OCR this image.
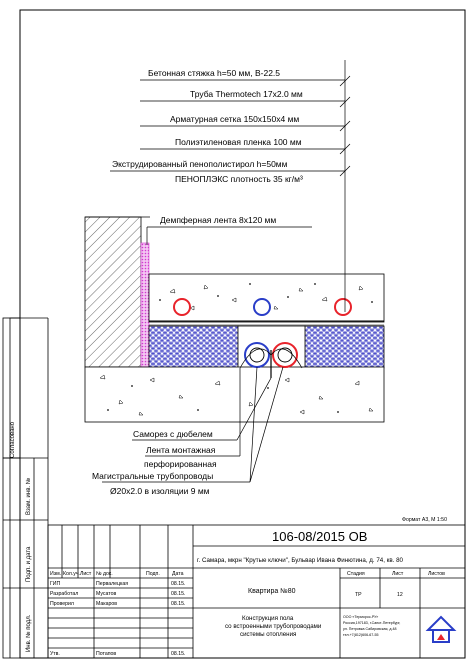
Согласовано
Взам. инв. №
Подп. и дата
Инв. № подл.
Бетонная стяжка h=50 мм, В-22.5
Труба Thermotech 17х2.0 мм
Арматурная сетка 150х150х4 мм
Полиэтиленовая пленка 100 мм
Экструдированный пенополистирол h=50мм
ПЕНОПЛЭКС плотность 35 кг/м³
Демпферная лента 8х120 мм
Саморез с дюбелем
Лента монтажная
перфорированная
Магистральные трубопроводы
Ø20х2.0 в изоляции 9 мм
Формат А3, М 1:50
106-08/2015 ОВ
г. Самара, мкрн "Крутые ключи", Бульвар Ивана Финютина, д. 74, кв. 80
Квартира №80
Конструкция пола
со встроенными трубопроводами
системы отопления
Изм. Кол.уч. Лист № док.	Подп. Дата
ГИП	Первалецкая	08.15.
Разработал	Мусатов	08.15.
Проверил	Макаров	08.15.
Утв.	Потапов	08.15.
Стадия	Лист	Листов
ТР	12
ООО «Терморос-РУ»
Россия,197183, г.Санкт-Петербург,
ул. Петровка Сабировская, д.48
тел.+7(812)606-67-55
